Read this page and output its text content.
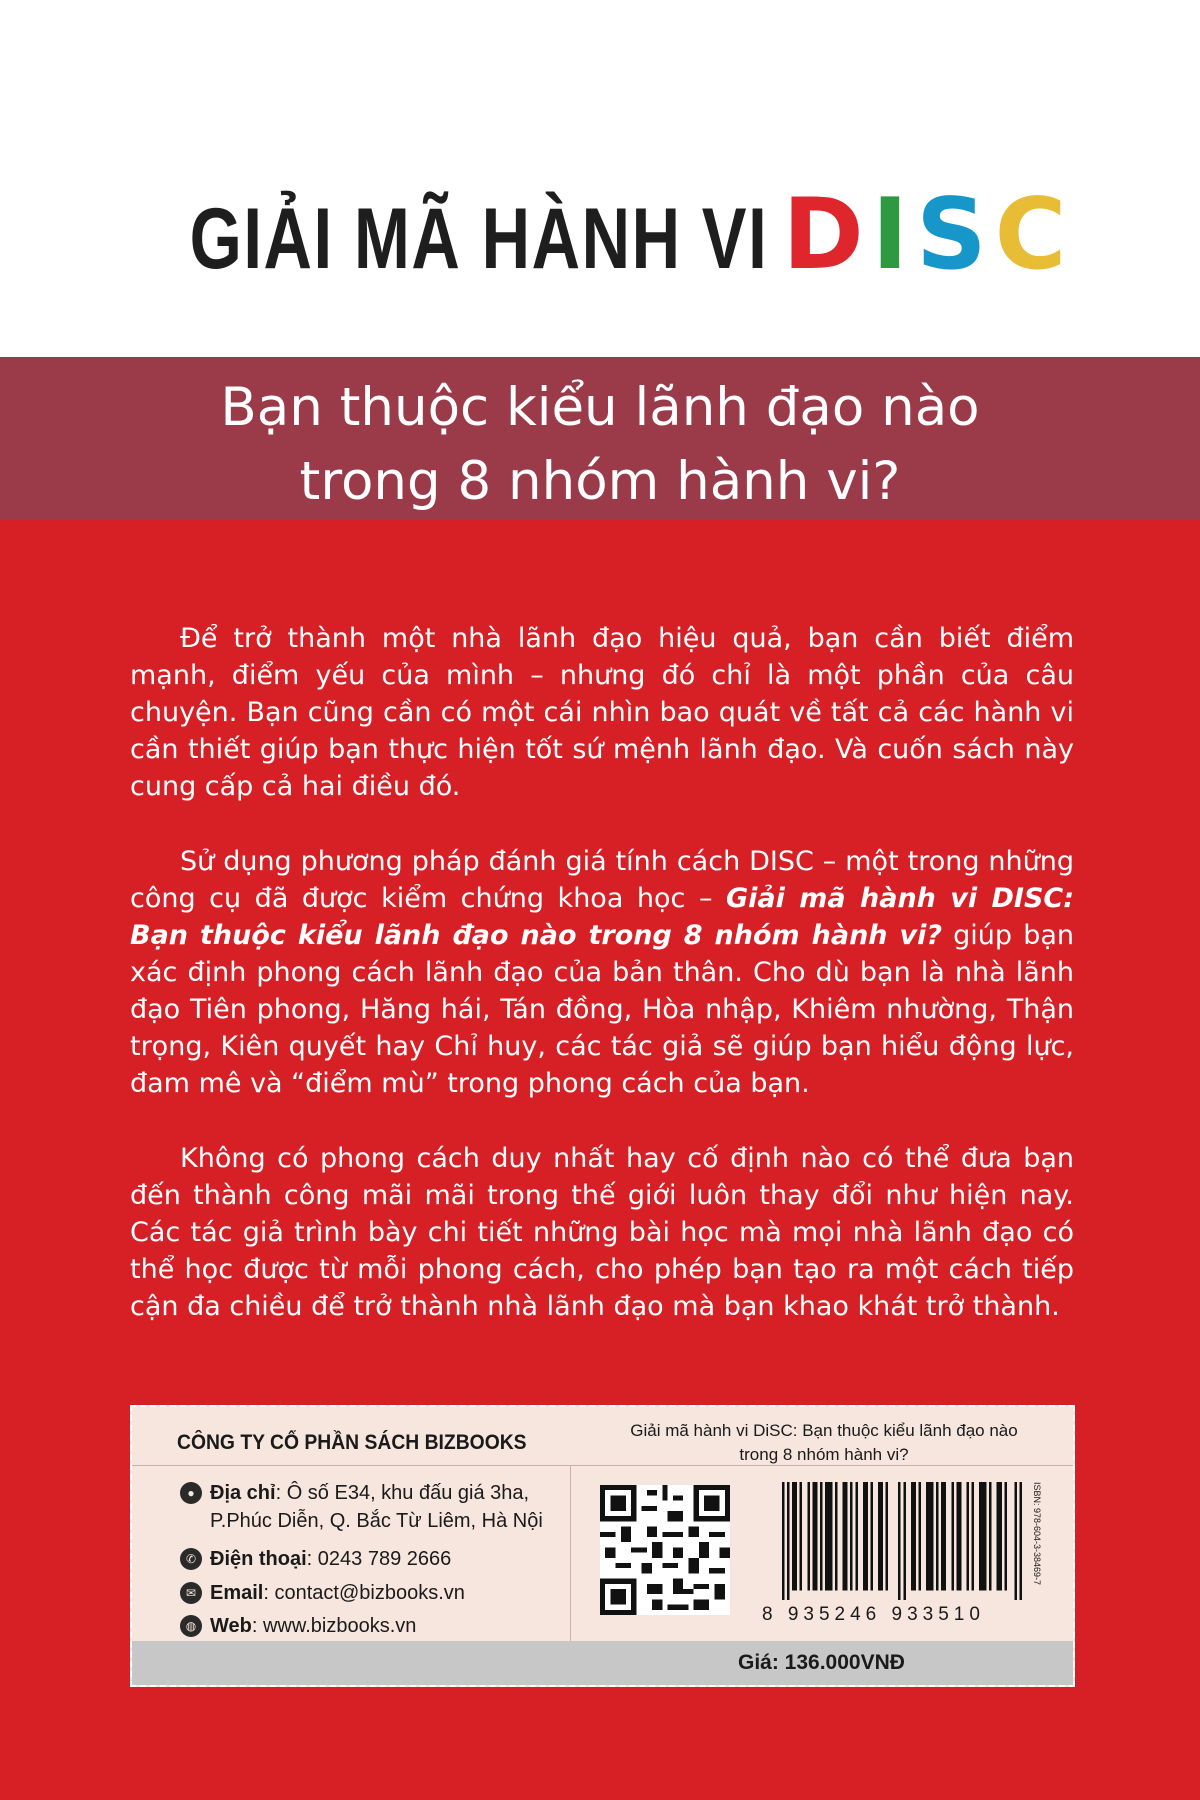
GIẢI MÃ HÀNH VI DISC
Bạn thuộc kiểu lãnh đạo nào
trong 8 nhóm hành vi?

Để trở thành một nhà lãnh đạo hiệu quả, bạn cần biết điểm mạnh, điểm yếu của mình – nhưng đó chỉ là một phần của câu chuyện. Bạn cũng cần có một cái nhìn bao quát về tất cả các hành vi cần thiết giúp bạn thực hiện tốt sứ mệnh lãnh đạo. Và cuốn sách này cung cấp cả hai điều đó.

Sử dụng phương pháp đánh giá tính cách DISC – một trong những công cụ đã được kiểm chứng khoa học – Giải mã hành vi DISC: Bạn thuộc kiểu lãnh đạo nào trong 8 nhóm hành vi? giúp bạn xác định phong cách lãnh đạo của bản thân. Cho dù bạn là nhà lãnh đạo Tiên phong, Hăng hái, Tán đồng, Hòa nhập, Khiêm nhường, Thận trọng, Kiên quyết hay Chỉ huy, các tác giả sẽ giúp bạn hiểu động lực, đam mê và “điểm mù” trong phong cách của bạn.

Không có phong cách duy nhất hay cố định nào có thể đưa bạn đến thành công mãi mãi trong thế giới luôn thay đổi như hiện nay. Các tác giả trình bày chi tiết những bài học mà mọi nhà lãnh đạo có thể học được từ mỗi phong cách, cho phép bạn tạo ra một cách tiếp cận đa chiều để trở thành nhà lãnh đạo mà bạn khao khát trở thành.

CÔNG TY CỔ PHẦN SÁCH BIZBOOKS
Giải mã hành vi DiSC: Bạn thuộc kiểu lãnh đạo nào
trong 8 nhóm hành vi?
● Địa chỉ: Ô số E34, khu đấu giá 3ha,
P.Phúc Diễn, Q. Bắc Từ Liêm, Hà Nội
✆ Điện thoại : 0243 789 2666
✉ Email : contact@bizbooks.vn
◍ Web : www.bizbooks.vn
8 935246 933510
ISBN: 978-604-3-38469-7
Giá: 136.000VNĐ
